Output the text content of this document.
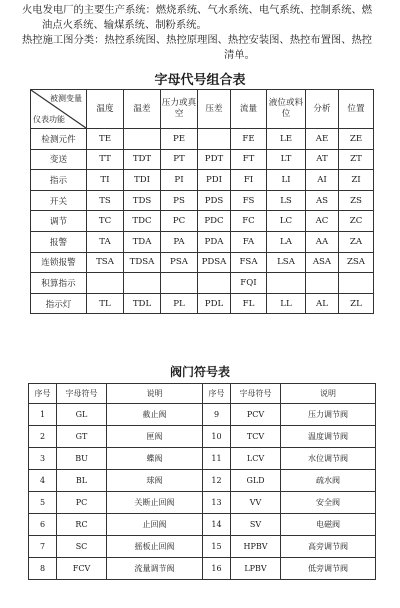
火电发电厂的主要生产系统：燃烧系统、气水系统、电气系统、控制系统、燃

油点火系统、输煤系统、制粉系统。

热控施工图分类：热控系统图、热控原理图、热控安装图、热控布置图、热控

清单。

字母代号组合表
被测变量
仪表功能	温度	温差	压力或真空	压差	流量	液位或料位	分析	位置
检测元件	TE		PE		FE	LE	AE	ZE
变送	TT	TDT	PT	PDT	FT	LT	AT	ZT
指示	TI	TDI	PI	PDI	FI	LI	AI	ZI
开关	TS	TDS	PS	PDS	FS	LS	AS	ZS
调节	TC	TDC	PC	PDC	FC	LC	AC	ZC
报警	TA	TDA	PA	PDA	FA	LA	AA	ZA
连锁报警	TSA	TDSA	PSA	PDSA	FSA	LSA	ASA	ZSA
积算指示					FQI			
指示灯	TL	TDL	PL	PDL	FL	LL	AL	ZL
阀门符号表
序号	字母符号	说明	序号	字母符号	说明
1	GL	截止阀	9	PCV	压力调节阀
2	GT	匣阀	10	TCV	温度调节阀
3	BU	蝶阀	11	LCV	水位调节阀
4	BL	球阀	12	GLD	疏水阀
5	PC	关断止回阀	13	VV	安全阀
6	RC	止回阀	14	SV	电磁阀
7	SC	摇板止回阀	15	HPBV	高旁调节阀
8	FCV	流量调节阀	16	LPBV	低旁调节阀
